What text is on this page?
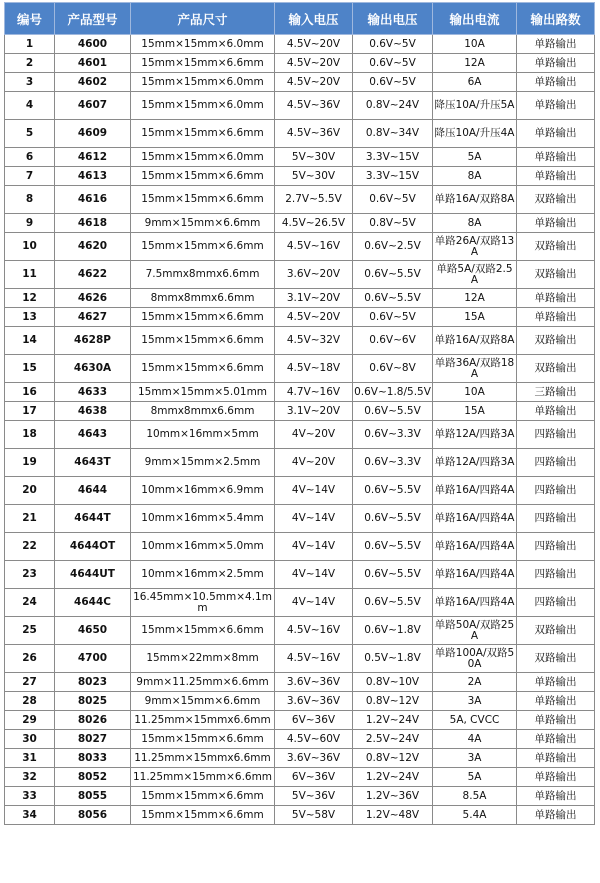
编号	产品型号	产品尺寸	输入电压	输出电压	输出电流	输出路数
1	4600	15mm×15mm×6.0mm	4.5V~20V	0.6V~5V	10A	单路输出
2	4601	15mm×15mm×6.6mm	4.5V~20V	0.6V~5V	12A	单路输出
3	4602	15mm×15mm×6.0mm	4.5V~20V	0.6V~5V	6A	单路输出
4	4607	15mm×15mm×6.0mm	4.5V~36V	0.8V~24V	降压10A/升压5A	单路输出
5	4609	15mm×15mm×6.6mm	4.5V~36V	0.8V~34V	降压10A/升压4A	单路输出
6	4612	15mm×15mm×6.0mm	5V~30V	3.3V~15V	5A	单路输出
7	4613	15mm×15mm×6.6mm	5V~30V	3.3V~15V	8A	单路输出
8	4616	15mm×15mm×6.6mm	2.7V~5.5V	0.6V~5V	单路16A/双路8A	双路输出
9	4618	9mm×15mm×6.6mm	4.5V~26.5V	0.8V~5V	8A	单路输出
10	4620	15mm×15mm×6.6mm	4.5V~16V	0.6V~2.5V	单路26A/双路13A	双路输出
11	4622	7.5mmx8mmx6.6mm	3.6V~20V	0.6V~5.5V	单路5A/双路2.5A	双路输出
12	4626	8mmx8mmx6.6mm	3.1V~20V	0.6V~5.5V	12A	单路输出
13	4627	15mm×15mm×6.6mm	4.5V~20V	0.6V~5V	15A	单路输出
14	4628P	15mm×15mm×6.6mm	4.5V~32V	0.6V~6V	单路16A/双路8A	双路输出
15	4630A	15mm×15mm×6.6mm	4.5V~18V	0.6V~8V	单路36A/双路18A	双路输出
16	4633	15mm×15mm×5.01mm	4.7V~16V	0.6V~1.8/5.5V	10A	三路输出
17	4638	8mmx8mmx6.6mm	3.1V~20V	0.6V~5.5V	15A	单路输出
18	4643	10mm×16mm×5mm	4V~20V	0.6V~3.3V	单路12A/四路3A	四路输出
19	4643T	9mm×15mm×2.5mm	4V~20V	0.6V~3.3V	单路12A/四路3A	四路输出
20	4644	10mm×16mm×6.9mm	4V~14V	0.6V~5.5V	单路16A/四路4A	四路输出
21	4644T	10mm×16mm×5.4mm	4V~14V	0.6V~5.5V	单路16A/四路4A	四路输出
22	4644OT	10mm×16mm×5.0mm	4V~14V	0.6V~5.5V	单路16A/四路4A	四路输出
23	4644UT	10mm×16mm×2.5mm	4V~14V	0.6V~5.5V	单路16A/四路4A	四路输出
24	4644C	16.45mm×10.5mm×4.1mm	4V~14V	0.6V~5.5V	单路16A/四路4A	四路输出
25	4650	15mm×15mm×6.6mm	4.5V~16V	0.6V~1.8V	单路50A/双路25A	双路输出
26	4700	15mm×22mm×8mm	4.5V~16V	0.5V~1.8V	单路100A/双路50A	双路输出
27	8023	9mm×11.25mm×6.6mm	3.6V~36V	0.8V~10V	2A	单路输出
28	8025	9mm×15mm×6.6mm	3.6V~36V	0.8V~12V	3A	单路输出
29	8026	11.25mm×15mmx6.6mm	6V~36V	1.2V~24V	5A, CVCC	单路输出
30	8027	15mm×15mm×6.6mm	4.5V~60V	2.5V~24V	4A	单路输出
31	8033	11.25mm×15mmx6.6mm	3.6V~36V	0.8V~12V	3A	单路输出
32	8052	11.25mm×15mm×6.6mm	6V~36V	1.2V~24V	5A	单路输出
33	8055	15mm×15mm×6.6mm	5V~36V	1.2V~36V	8.5A	单路输出
34	8056	15mm×15mm×6.6mm	5V~58V	1.2V~48V	5.4A	单路输出
